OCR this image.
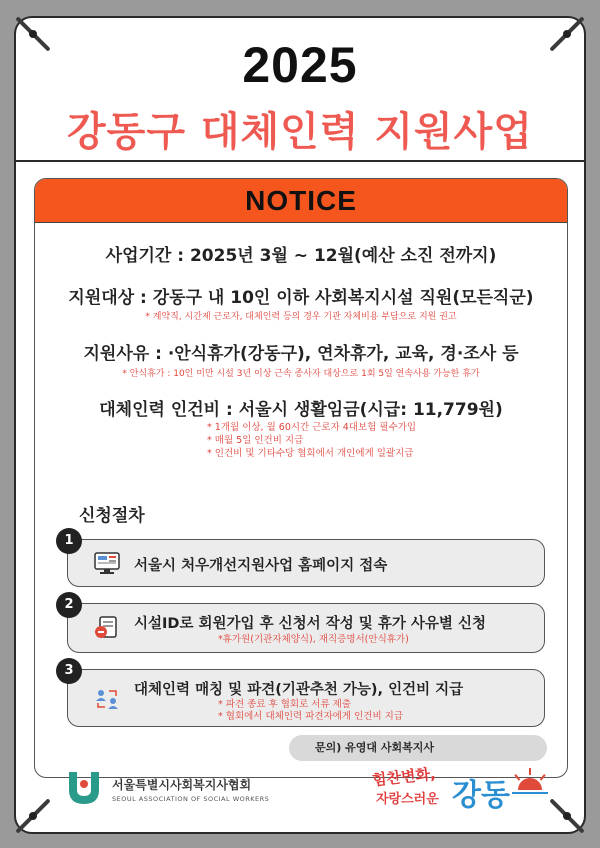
2025
강동구 대체인력 지원사업
NOTICE
사업기간 : 2025년 3월 ~ 12월(예산 소진 전까지)
지원대상 : 강동구 내 10인 이하 사회복지시설 직원(모든직군)
* 계약직, 시간제 근로자, 대체인력 등의 경우 기관 자체비용 부담으로 지원 권고
지원사유 : ·안식휴가(강동구), 연차휴가, 교육, 경·조사 등
* 안식휴가 : 10인 미만 시설 3년 이상 근속 종사자 대상으로 1회 5일 연속사용 가능한 휴가
대체인력 인건비 : 서울시 생활임금(시급: 11,779원)
* 1개월 이상, 월 60시간 근로자 4대보험 필수가입
* 매월 5일 인건비 지급
* 인건비 및 기타수당 협회에서 개인에게 일괄지급
신청절차
1
서울시 처우개선지원사업 홈페이지 접속
2
시설ID로 회원가입 후 신청서 작성 및 휴가 사유별 신청
*휴가원(기관자체양식), 재직증명서(안식휴가)
3
대체인력 매칭 및 파견(기관추천 가능), 인건비 지급
* 파견 종료 후 협회로 서류 제출
* 협회에서 대체인력 파견자에게 인건비 지급
문의) 유영대 사회복지사
서울특별시사회복지사협회
SEOUL ASSOCIATION OF SOCIAL WORKERS
힘찬변화,
자랑스러운 강동
